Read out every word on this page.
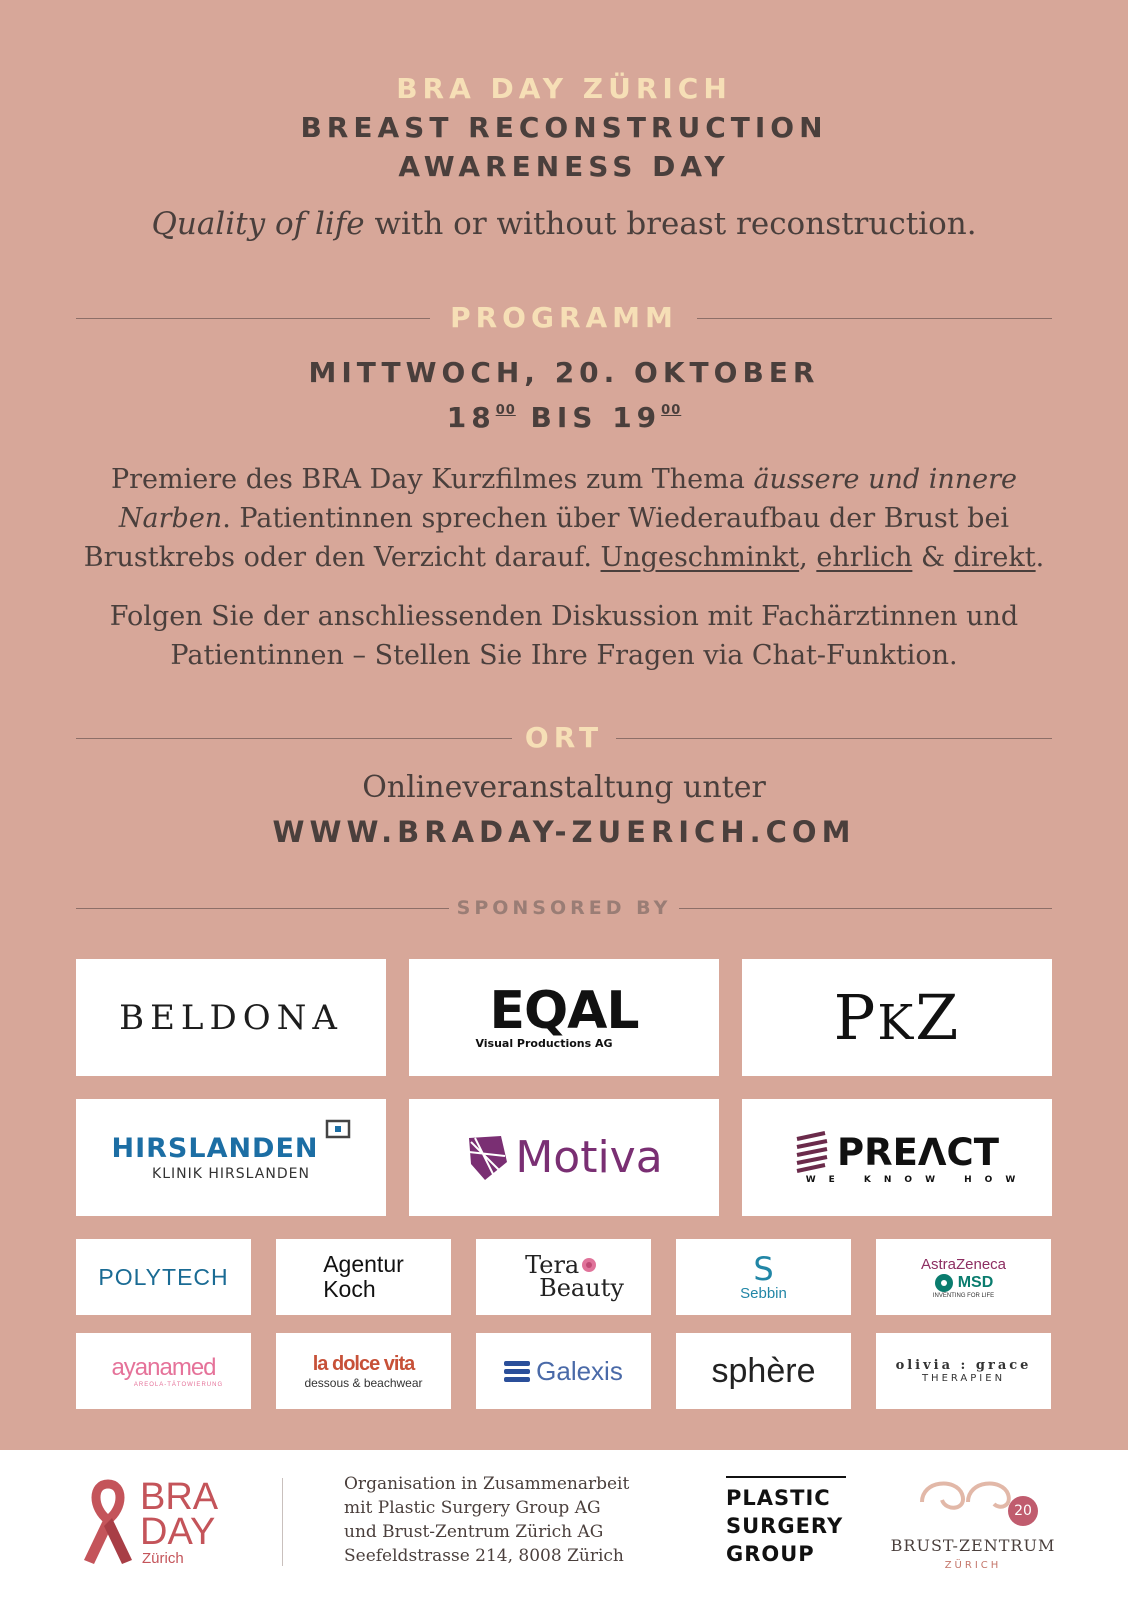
BRA DAY ZÜRICH
BREAST RECONSTRUCTION
AWARENESS DAY
Quality of life with or without breast reconstruction.
PROGRAMM
MITTWOCH, 20. OKTOBER
$18^{00}$ BIS $19^{00}$
Premiere des BRA Day Kurzfilmes zum Thema äussere und innere Narben. Patientinnen sprechen über Wiederaufbau der Brust bei Brustkrebs oder den Verzicht darauf. Ungeschminkt, ehrlich & direkt.
Folgen Sie der anschliessenden Diskussion mit Fachärztinnen und Patientinnen – Stellen Sie Ihre Fragen via Chat-Funktion.
ORT
Onlineveranstaltung unter
WWW.BRADAY-ZUERICH.COM
SPONSORED BY
BELDONA	EQAL
Visual Productions AG	PKZ
HIRSLANDEN
KLINIK HIRSLANDEN	Motiva	PREΛCT
WE KNOW HOW
POLYTECH	Agentur
Koch
Tera
Beauty
S
Sebbin
AstraZeneca
MSD
INVENTING FOR LIFE
ayanamed
AREOLA-TÄTOWIERUNG
la dolce vita
dessous & beachwear	Galexis	sphère	olivia : grace
THERAPIEN
BRA
DAY
Zürich
Organisation in Zusammenarbeit
mit Plastic Surgery Group AG
und Brust-Zentrum Zürich AG
Seefeldstrasse 214, 8008 Zürich
PLASTIC
SURGERY
GROUP
20
BRUST-ZENTRUM
ZÜRICH
